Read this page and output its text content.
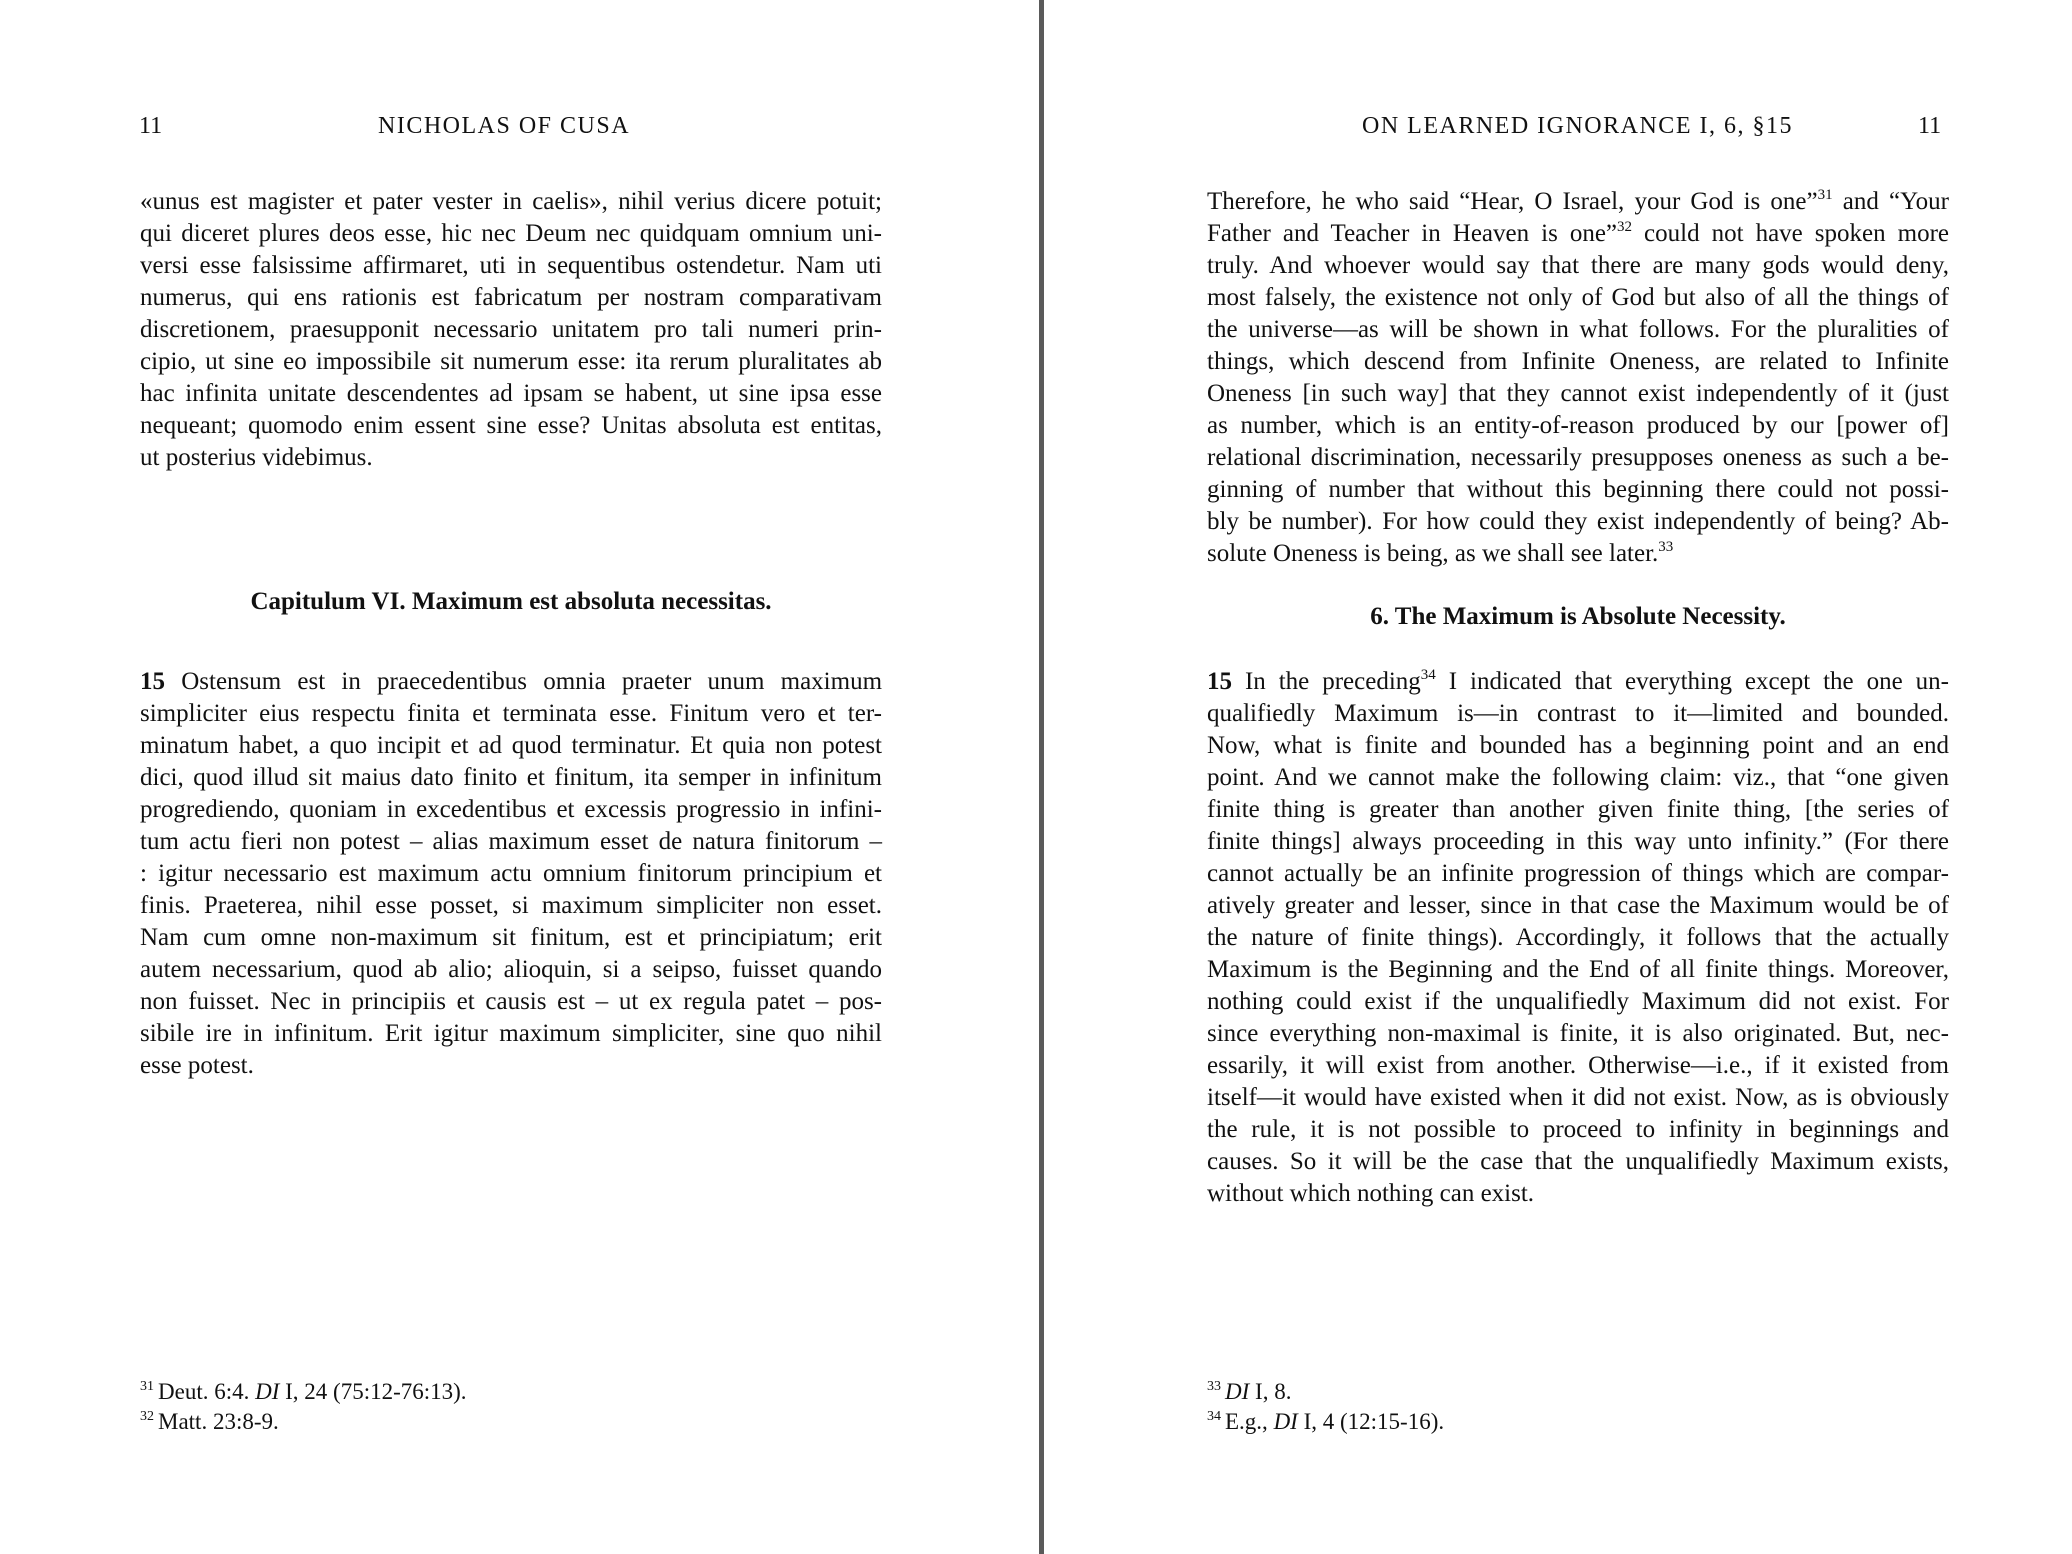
11	NICHOLAS OF CUSA
«unus est magister et pater vester in caelis», nihil verius dicere potuit;
qui diceret plures deos esse, hic nec Deum nec quidquam omnium uni-
versi esse falsissime affirmaret, uti in sequentibus ostendetur. Nam uti
numerus, qui ens rationis est fabricatum per nostram comparativam
discretionem, praesupponit necessario unitatem pro tali numeri prin-
cipio, ut sine eo impossibile sit numerum esse: ita rerum pluralitates ab
hac infinita unitate descendentes ad ipsam se habent, ut sine ipsa esse
nequeant; quomodo enim essent sine esse? Unitas absoluta est entitas,
ut posterius videbimus.
Capitulum VI. Maximum est absoluta necessitas.
15 Ostensum est in praecedentibus omnia praeter unum maximum
simpliciter eius respectu finita et terminata esse. Finitum vero et ter-
minatum habet, a quo incipit et ad quod terminatur. Et quia non potest
dici, quod illud sit maius dato finito et finitum, ita semper in infinitum
progrediendo, quoniam in excedentibus et excessis progressio in infini-
tum actu fieri non potest – alias maximum esset de natura finitorum –
: igitur necessario est maximum actu omnium finitorum principium et
finis. Praeterea, nihil esse posset, si maximum simpliciter non esset.
Nam cum omne non-maximum sit finitum, est et principiatum; erit
autem necessarium, quod ab alio; alioquin, si a seipso, fuisset quando
non fuisset. Nec in principiis et causis est – ut ex regula patet – pos-
sibile ire in infinitum. Erit igitur maximum simpliciter, sine quo nihil
esse potest.
$^{31}$ Deut. 6:4. DI I, 24 (75:12-76:13).
$^{32}$ Matt. 23:8-9.
ON LEARNED IGNORANCE I, 6, §15	11
Therefore, he who said “Hear, O Israel, your God is one”$^{31}$ and “Your
Father and Teacher in Heaven is one”$^{32}$ could not have spoken more
truly. And whoever would say that there are many gods would deny,
most falsely, the existence not only of God but also of all the things of
the universe—as will be shown in what follows. For the pluralities of
things, which descend from Infinite Oneness, are related to Infinite
Oneness [in such way] that they cannot exist independently of it (just
as number, which is an entity-of-reason produced by our [power of]
relational discrimination, necessarily presupposes oneness as such a be-
ginning of number that without this beginning there could not possi-
bly be number). For how could they exist independently of being? Ab-
solute Oneness is being, as we shall see later.$^{33}$
6. The Maximum is Absolute Necessity.
15 In the preceding$^{34}$ I indicated that everything except the one un-
qualifiedly Maximum is—in contrast to it—limited and bounded.
Now, what is finite and bounded has a beginning point and an end
point. And we cannot make the following claim: viz., that “one given
finite thing is greater than another given finite thing, [the series of
finite things] always proceeding in this way unto infinity.” (For there
cannot actually be an infinite progression of things which are compar-
atively greater and lesser, since in that case the Maximum would be of
the nature of finite things). Accordingly, it follows that the actually
Maximum is the Beginning and the End of all finite things. Moreover,
nothing could exist if the unqualifiedly Maximum did not exist. For
since everything non-maximal is finite, it is also originated. But, nec-
essarily, it will exist from another. Otherwise—i.e., if it existed from
itself—it would have existed when it did not exist. Now, as is obviously
the rule, it is not possible to proceed to infinity in beginnings and
causes. So it will be the case that the unqualifiedly Maximum exists,
without which nothing can exist.
$^{33}$ DI I, 8.
$^{34}$ E.g., DI I, 4 (12:15-16).
